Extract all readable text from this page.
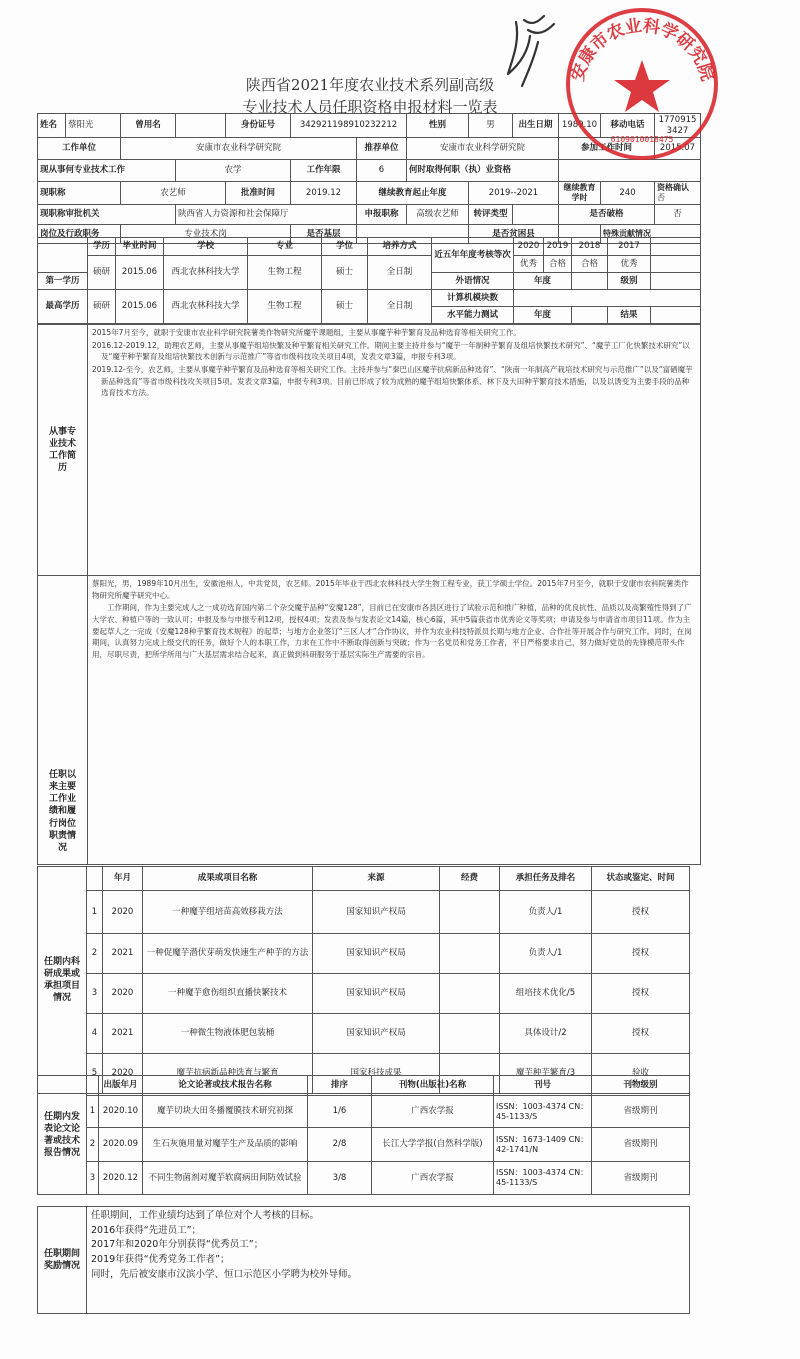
陕西省2021年度农业技术系列副高级
专业技术人员任职资格申报材料一览表
姓名	蔡阳光	曾用名		身份证号	342921198910232212		性别	男	出生日期	1989.10	移动电话	17709153427
工作单位		安康市农业科学研究院				推荐单位	安康市农业科学研究院			参加工作时间		2015.07
现从事何专业技术工作			农学		工作年限	6	何时取得何职（执）业资格					
现职称		农艺师		批准时间	2019.12	继续教育起止年度		2019--2021		继续教育学时	240	资格确认 否
现职称审批机关			陕西省人力资源和社会保障厅			申报职称	高级农艺师	转评类型		是否破格		否
岗位及行政职务		专业技术岗			是否基层			是否贫困县			特殊贡献情况	
	学历	毕业时间	学校	专业	学位	培养方式	近五年年度考核等次	2020	2019	2018	2017	
	硕研	2015.06	西北农林科技大学	生物工程	硕士	全日制		优秀	合格	合格	优秀	
第一学历							外语情况	年度			级别	
最高学历	硕研	2015.06	西北农林科技大学	生物工程	硕士	全日制	计算机模块数					
							水平能力测试	年度			结果	
从事专业技术工作简历	2015年7月至今，就职于安康市农业科学研究院薯类作物研究所魔芋课题组，主要从事魔芋种芋繁育及品种选育等相关研究工作。

2016.12-2019.12，助理农艺师，主要从事魔芋组培快繁及种芋繁育相关研究工作。期间主要主持并参与“魔芋一年制种芋繁育及组培快繁技术研究”、“魔芋工厂化快繁技术研究”以及“魔芋种芋繁育及组培快繁技术创新与示范推广”等省市级科技攻关项目4项，发表文章3篇，申报专利3项。

2019.12-至今，农艺师，主要从事魔芋种芋繁育及品种选育等相关研究工作。主持并参与“秦巴山区魔芋抗病新品种选育”、“陕南一年制高产栽培技术研究与示范推广”以及“富硒魔芋新品种选育”等省市级科技攻关项目5项。发表文章3篇，申报专利3项。目前已形成了较为成熟的魔芋组培快繁体系、林下及大田种芋繁育技术措施，以及以诱变为主要手段的品种选育技术方法。

任职以来主要工作业绩和履行岗位职责情况	蔡阳光，男，1989年10月出生，安徽池州人，中共党员，农艺师。2015年毕业于西北农林科技大学生物工程专业，获工学硕士学位。2015年7月至今，就职于安康市农科院薯类作物研究所魔芋研究中心。

工作期间，作为主要完成人之一成功选育国内第二个杂交魔芋品种“安魔128”，目前已在安康市各县区进行了试验示范和推广种植，品种的优良抗性、品质以及高繁殖性得到了广大学农、种植户等的一致认可；申报及参与申报专利12项，授权4项；发表及参与发表论文14篇，核心6篇，其中5篇获省市优秀论文等奖项；申请及参与申请省市项目11项。作为主要起草人之一完成《安魔128种芋繁育技术规程》的起草；与地方企业签订“三区人才”合作协议，并作为农业科技特派员长期与地方企业、合作社等开展合作与研究工作。同时，在岗期间，认真努力完成上级交代的任务，做好个人的本职工作，力求在工作中不断取得创新与突破；作为一名党员和党务工作者，平日严格要求自己，努力做好党员的先锋模范带头作用，尽职尽责，把所学所用与广大基层需求结合起来，真正做到科研服务于基层实际生产需要的宗旨。

任期内科研成果或承担项目情况		年月	成果或项目名称	来源	经费	承担任务及排名	状态或鉴定、时间
	1	2020	一种魔芋组培苗高效移栽方法	国家知识产权局		负责人/1	授权
	2	2021	一种促魔芋潜伏芽萌发快速生产种芋的方法	国家知识产权局		负责人/1	授权
	3	2020	一种魔芋愈伤组织直播快繁技术	国家知识产权局		组培技术优化/5	授权
	4	2021	一种微生物液体肥包装桶	国家知识产权局		具体设计/2	授权
	5	2020	魔芋抗病新品种选育与繁育	国家科技成果		魔芋种芋繁育/3	验收
任期内发表论文论著或技术报告情况		出版年月	论文论著或技术报告名称	排序	刊物(出版社)名称	刊号	刊物级别
	1	2020.10	魔芋切块大田冬播覆膜技术研究初探	1/6	广西农学报	ISSN：1003-4374 CN：45-1133/S	省级期刊
	2	2020.09	生石灰施用量对魔芋生产及品质的影响	2/8	长江大学学报(自然科学版)	ISSN：1673-1409 CN：42-1741/N	省级期刊
	3	2020.12	不同生物菌剂对魔芋软腐病田间防效试验	3/8	广西农学报	ISSN：1003-4374 CN：45-1133/S	省级期刊
任职期间奖励情况	
任职期间，工作业绩均达到了单位对个人考核的目标。
2016年获得“先进员工”；
2017年和2020年分别获得“优秀员工”；
2019年获得“优秀党务工作者”；
同时，先后被安康市汉滨小学、恒口示范区小学聘为校外导师。
安康市农业科学研究院
6109010018475
